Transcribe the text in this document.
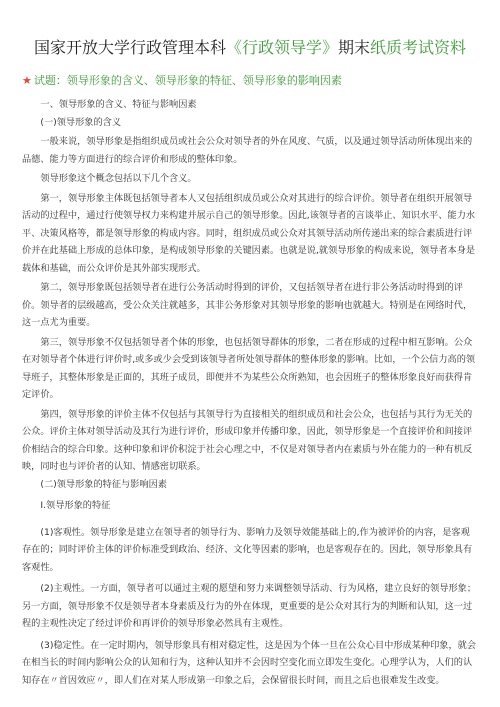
国家开放大学行政管理本科《行政领导学》期末纸质考试资料
★ 试题：领导形象的含义、领导形象的特征、领导形象的影响因素

一、领导形象的含义、特征与影响因素

(一)领导形象的含义

一般来说，领导形象是指组织成员或社会公众对领导者的外在风度、气质，以及通过领导活动所体现出来的品德、能力等方面进行的综合评价和形成的整体印象。

领导形象这个概念包括以下几个含义。

第一，领导形象主体既包括领导者本人又包括组织成员或公众对其进行的综合评价。领导者在组织开展领导活动的过程中，通过行使领导权力来构建并展示自己的领导形象。因此,该领导者的言谈举止、知识水平、能力水平、决策风格等，都是领导形象的构成内容。同时，组织成员或公众对其领导活动所传递出来的综合素质进行评价并在此基础上形成的总体印象，是构成领导形象的关键因素。也就是说,就领导形象的构成来说，领导者本身是载体和基础，而公众评价是其外部实现形式。

第二，领导形象既包括领导者在进行公务活动时得到的评价，又包括领导者在进行非公务活动时得到的评价。领导者的层级越高，受公众关注就越多，其非公务形象对其领导形象的影响也就越大。特别是在网络时代，这一点尤为重要。

第三，领导形象不仅包括领导者个体的形象，也包括领导群体的形象，二者在形成的过程中相互影响。公众在对领导者个体进行评价时,或多或少会受到该领导者所处领导群体的整体形象的影响。比如，一个公信力高的领导班子，其整体形象是正面的，其班子成员，即便并不为某些公众所熟知，也会因班子的整体形象良好而获得肯定评价。

第四，领导形象的评价主体不仅包括与其领导行为直接相关的组织成员和社会公众，也包括与其行为无关的公众。评价主体对领导活动及其行为进行评价，形成印象并传播印象，因此，领导形象是一个直接评价和间接评价相结合的综合印象。这种印象和评价积淀于社会心理之中，不仅是对领导者内在素质与外在能力的一种有机反映，同时也与评价者的认知、情感密切联系。

(二)领导形象的特征与影响因素

Ⅰ.领导形象的特征

(1)客观性。领导形象是建立在领导者的领导行为、影响力及领导效能基础上的,作为被评价的内容，是客观存在的；同时评价主体的评价标准受到政治、经济、文化等因素的影响，也是客观存在的。因此，领导形象具有客观性。

(2)主观性。一方面，领导者可以通过主观的愿望和努力来调整领导活动、行为风格，建立良好的领导形象；另一方面，领导形象不仅是领导者本身素质及行为的外在体现，更重要的是公众对其行为的判断和认知，这一过程的主观性决定了经过评价和再评价的领导形象必然具有主观性。

(3)稳定性。在一定时期内，领导形象具有相对稳定性，这是因为个体一旦在公众心目中形成某种印象，就会在相当长的时间内影响公众的认知和行为，这种认知并不会因时空变化而立即发生变化。心理学认为，人们的认知存在〃首因效应〃，即人们在对某人形成第一印象之后，会保留很长时间，而且之后也很难发生改变。
